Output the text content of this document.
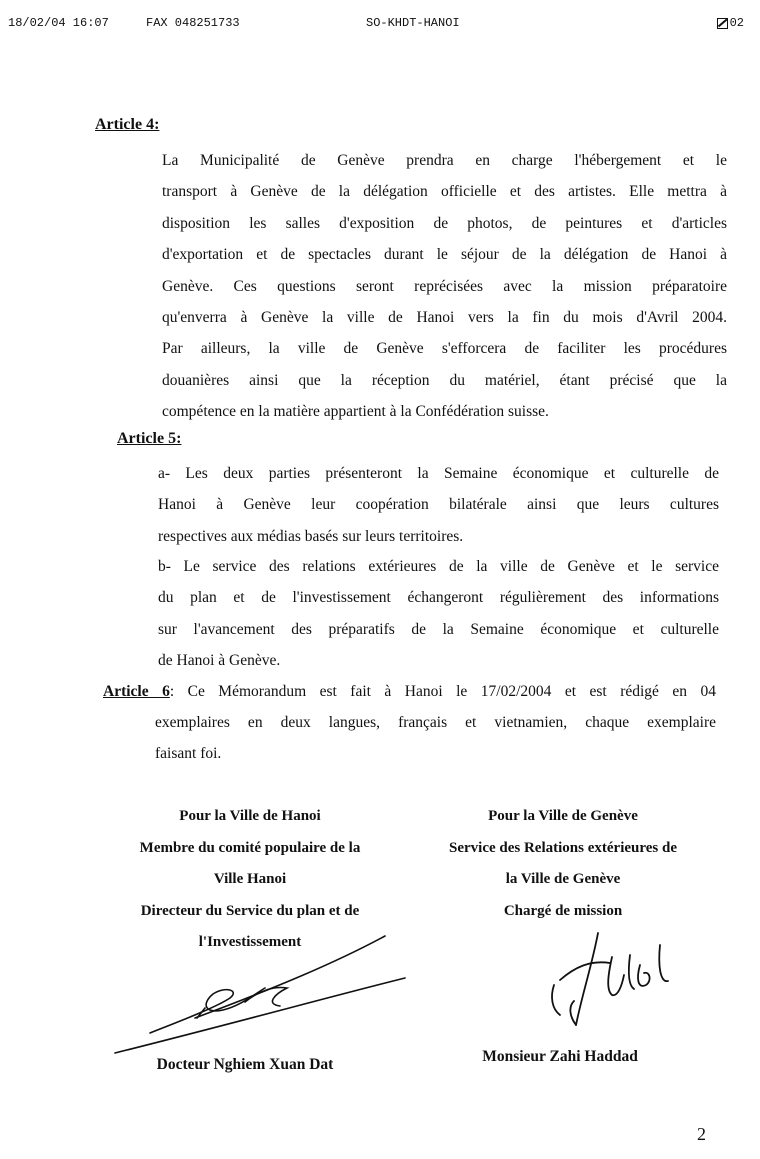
18/02/04 16:07	FAX 048251733	SO-KHDT-HANOI	02
Article 4:
La Municipalité de Genève prendra en charge l'hébergement et le
transport à Genève de la délégation officielle et des artistes. Elle mettra à
disposition les salles d'exposition de photos, de peintures et d'articles
d'exportation et de spectacles durant le séjour de la délégation de Hanoi à
Genève. Ces questions seront reprécisées avec la mission préparatoire
qu'enverra à Genève la ville de Hanoi vers la fin du mois d'Avril 2004.
Par ailleurs, la ville de Genève s'efforcera de faciliter les procédures
douanières ainsi que la réception du matériel, étant précisé que la
compétence en la matière appartient à la Confédération suisse.
Article 5:
a- Les deux parties présenteront la Semaine économique et culturelle de
Hanoi à Genève leur coopération bilatérale ainsi que leurs cultures
respectives aux médias basés sur leurs territoires.
b- Le service des relations extérieures de la ville de Genève et le service
du plan et de l'investissement échangeront régulièrement des informations
sur l'avancement des préparatifs de la Semaine économique et culturelle
de Hanoi à Genève.
Article 6: Ce Mémorandum est fait à Hanoi le 17/02/2004 et est rédigé en 04
exemplaires en deux langues, français et vietnamien, chaque exemplaire
faisant foi.
Pour la Ville de Hanoi
Membre du comité populaire de la
Ville Hanoi
Directeur du Service du plan et de
l'Investissement
Pour la Ville de Genève
Service des Relations extérieures de
la Ville de Genève
Chargé de mission
Docteur Nghiem Xuan Dat	Monsieur Zahi Haddad
2
